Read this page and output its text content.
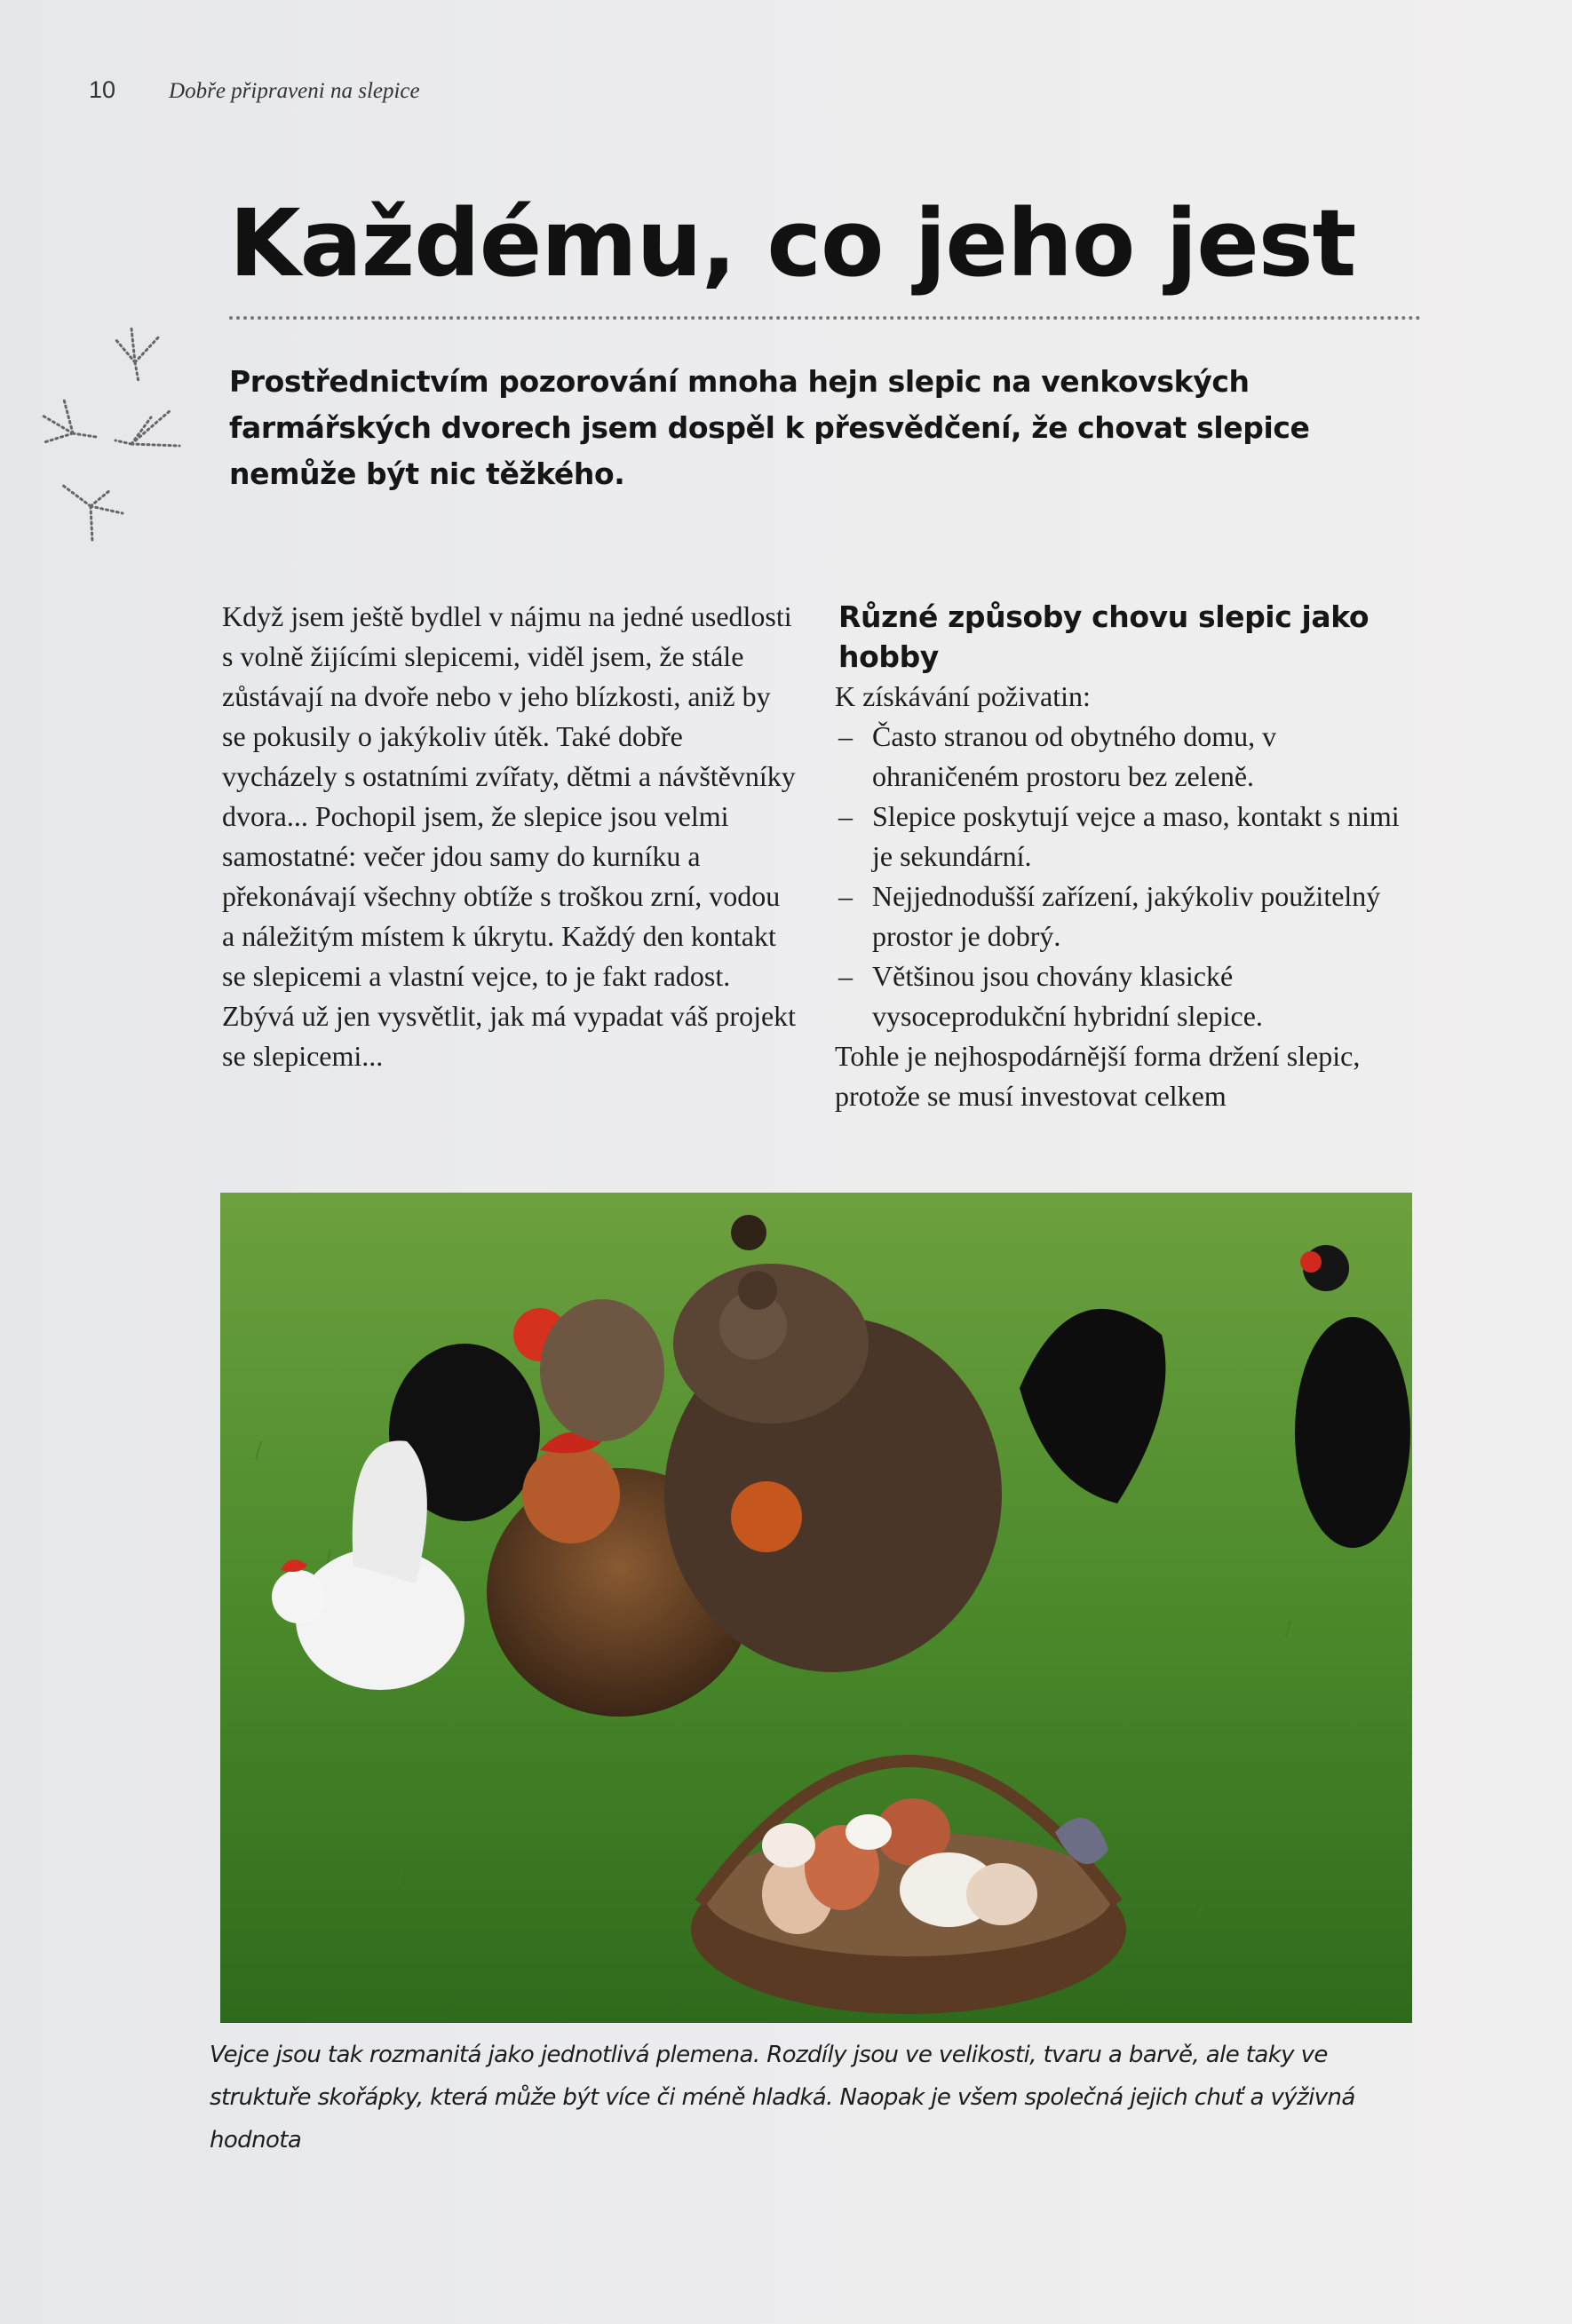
10 Dobře připraveni na slepice
Každému, co jeho jest

Prostřednictvím pozorování mnoha hejn slepic na venkovských farmářských dvorech jsem dospěl k přesvědčení, že chovat slepice nemůže být nic těžkého.

Když jsem ještě bydlel v nájmu na jedné usedlosti s volně žijícími slepicemi, viděl jsem, že stále zůstávají na dvoře nebo v jeho blízkosti, aniž by se pokusily o jakýkoliv útěk. Také dobře vycházely s ostatními zvířaty, dětmi a návštěvníky dvora... Pochopil jsem, že slepice jsou velmi samostatné: večer jdou samy do kurníku a překonávají všechny obtíže s troškou zrní, vodou a náležitým místem k úkrytu. Každý den kontakt se slepicemi a vlastní vejce, to je fakt radost. Zbývá už jen vysvětlit, jak má vypadat váš projekt se slepicemi...

Různé způsoby chovu slepic jako hobby

K získávání poživatin:

– Často stranou od obytného domu, v ohraničeném prostoru bez zeleně.
– Slepice poskytují vejce a maso, kontakt s nimi je sekundární.
– Nejjednodušší zařízení, jakýkoliv použitelný prostor je dobrý.
– Většinou jsou chovány klasické vysoceprodukční hybridní slepice.

Tohle je nejhospodárnější forma držení slepic, protože se musí investovat celkem

Vejce jsou tak rozmanitá jako jednotlivá plemena. Rozdíly jsou ve velikosti, tvaru a barvě, ale taky ve struktuře skořápky, která může být více či méně hladká. Naopak je všem společná jejich chuť a výživná hodnota
